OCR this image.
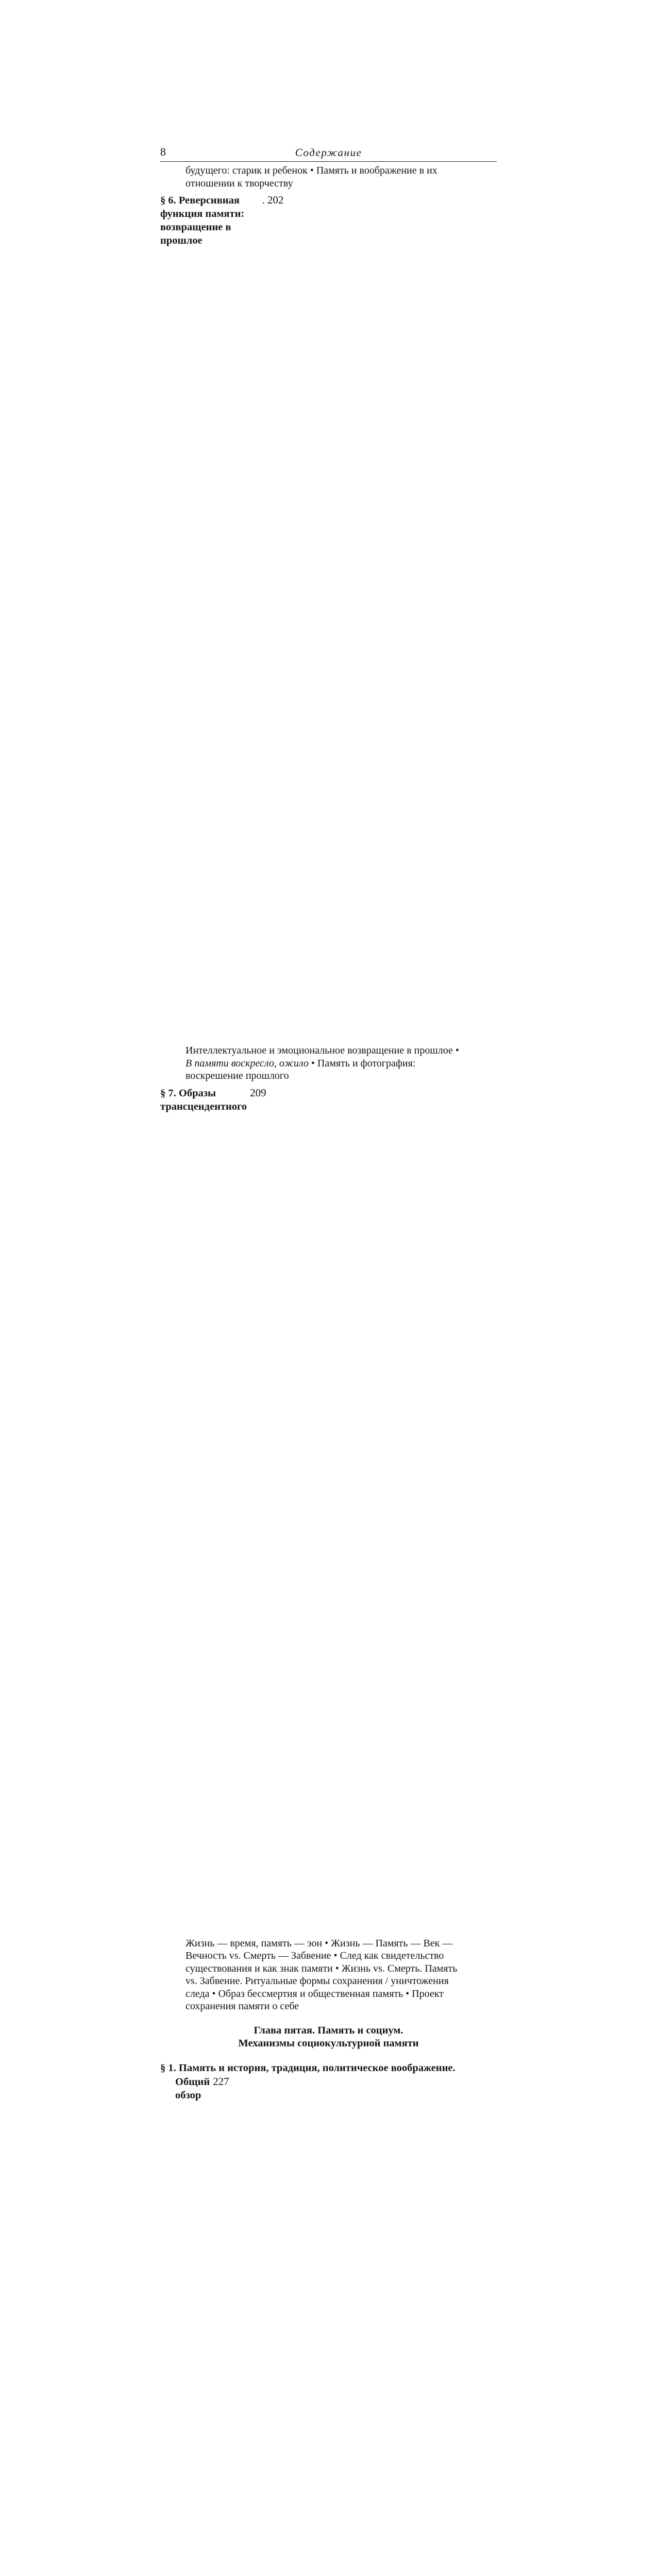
8	Содержание
будущего: старик и ребенок • Память и воображение в их
отношении к творчеству
§ 6. Реверсивная функция памяти: возвращение в прошлое
. 202
Интеллектуальное и эмоциональное возвращение в прошлое •
В памяти воскресло, ожило • Память и фотография:
воскрешение прошлого
§ 7. Образы трансцендентного
209
Жизнь — время, память — эон • Жизнь — Память — Век —
Вечность vs. Смерть — Забвение • След как свидетельство
существования и как знак памяти • Жизнь vs. Смерть. Память
vs. Забвение. Ритуальные формы сохранения / уничтожения
следа • Образ бессмертия и общественная память • Проект
сохранения памяти о себе
Глава пятая. Память и социум.
Механизмы социокультурной памяти
§ 1. Память и история, традиция, политическое воображение.
Общий обзор
227
